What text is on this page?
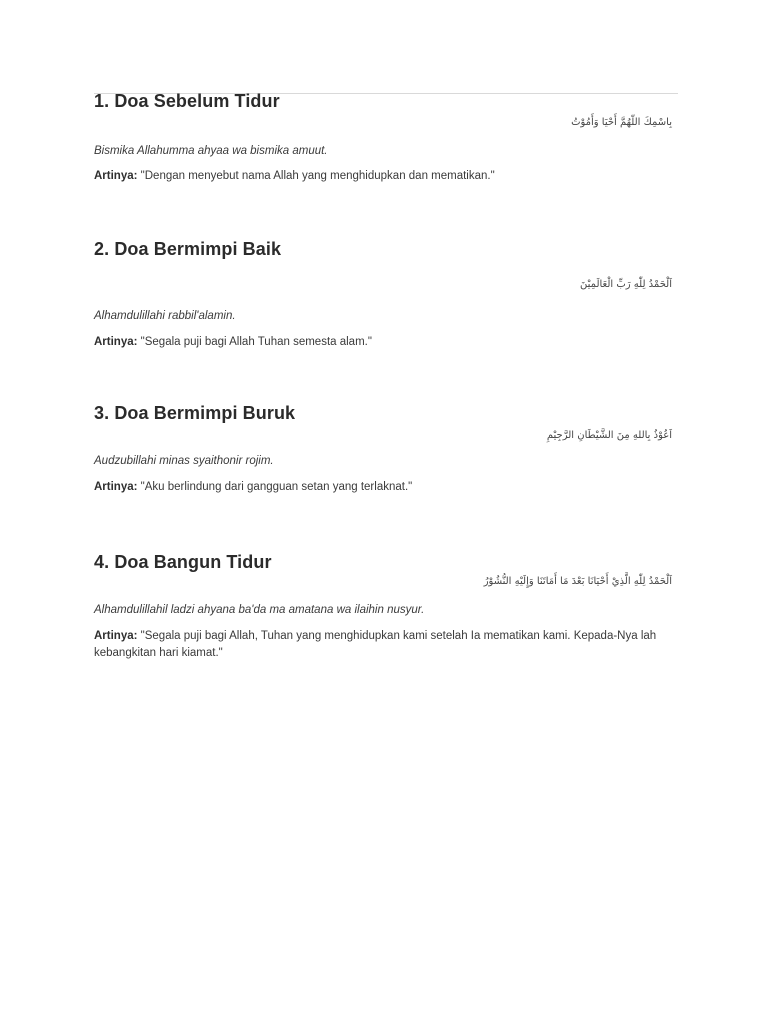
1. Doa Sebelum Tidur
بِاسْمِكَ اللّهُمَّ أَحْيَا وَأَمُوْتُ
Bismika Allahumma ahyaa wa bismika amuut.
Artinya: "Dengan menyebut nama Allah yang menghidupkan dan mematikan."
2. Doa Bermimpi Baik
اَلْحَمْدُ لِلّٰهِ رَبِّ الْعَالَمِيْنَ
Alhamdulillahi rabbil'alamin.
Artinya: "Segala puji bagi Allah Tuhan semesta alam."
3. Doa Bermimpi Buruk
اَعُوْذُ بِاللهِ مِنَ الشَّيْطَانِ الرَّجِيْمِ
Audzubillahi minas syaithonir rojim.
Artinya: "Aku berlindung dari gangguan setan yang terlaknat."
4. Doa Bangun Tidur
اَلْحَمْدُ لِلّٰهِ الَّذِيْ أَحْيَانَا بَعْدَ مَا أَمَاتَنَا وَإِلَيْهِ النُّشُوْرُ
Alhamdulillahil ladzi ahyana ba'da ma amatana wa ilaihin nusyur.
Artinya: "Segala puji bagi Allah, Tuhan yang menghidupkan kami setelah Ia mematikan kami. Kepada-Nya lah kebangkitan hari kiamat."
